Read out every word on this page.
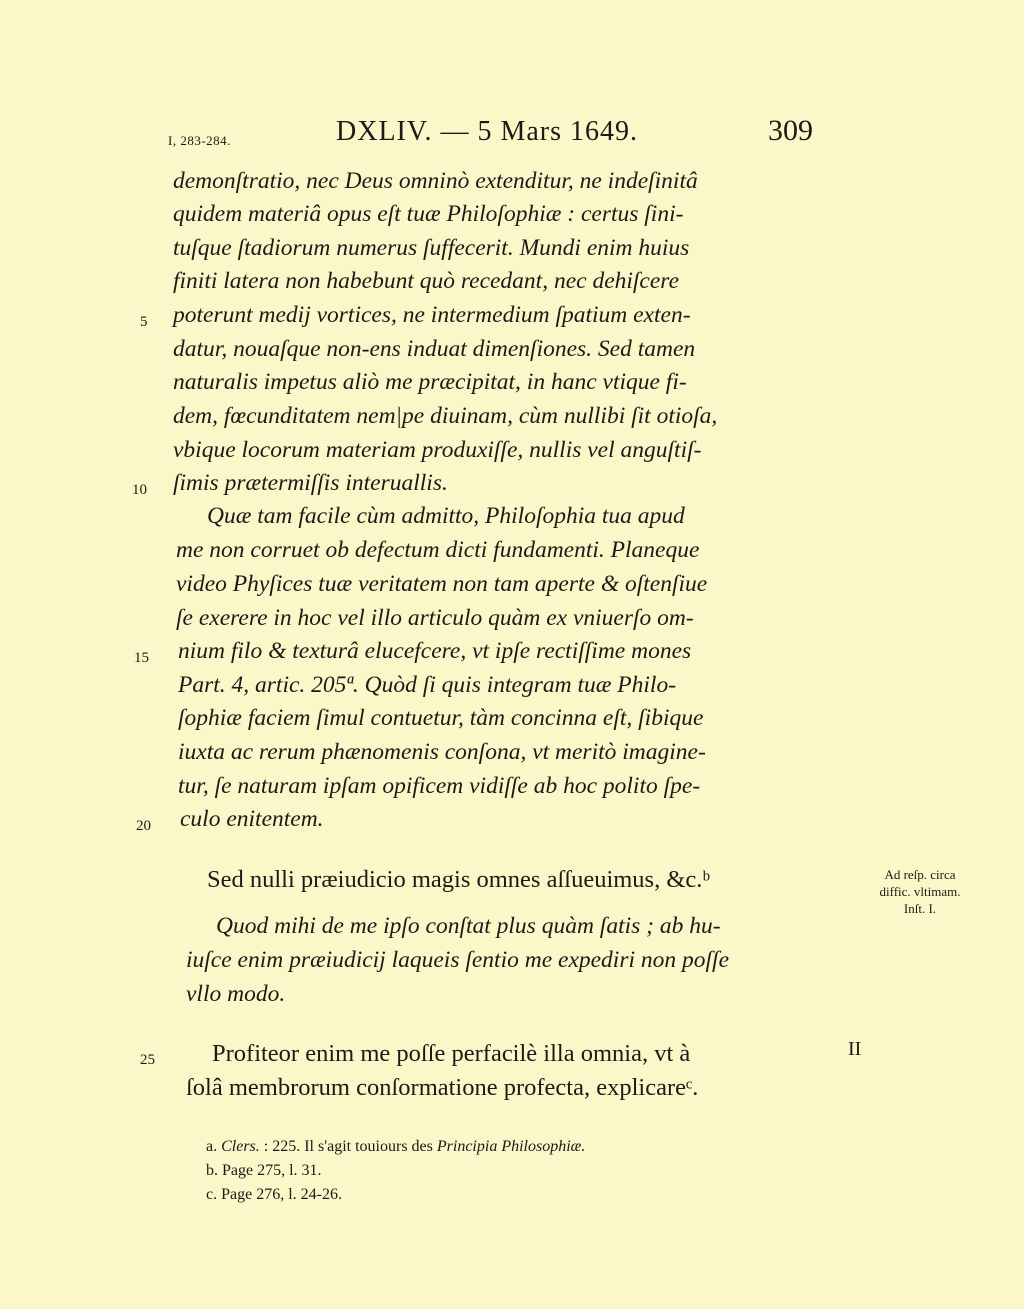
I, 283-284.	DXLIV. — 5 Mars 1649.	309
demonſtratio, nec Deus omninò extenditur, ne indeſinitâ
quidem materiâ opus eſt tuæ Philoſophiæ : certus ſini-
tuſque ſtadiorum numerus ſuffecerit. Mundi enim huius
finiti latera non habebunt quò recedant, nec dehiſcere
poterunt medij vortices, ne intermedium ſpatium exten-
datur, nouaſque non-ens induat dimenſiones. Sed tamen
naturalis impetus aliò me præcipitat, in hanc vtique fi-
dem, fœcunditatem nem|pe diuinam, cùm nullibi ſit otioſa,
vbique locorum materiam produxiſſe, nullis vel anguſtiſ-
ſimis prætermiſſis interuallis.
Quæ tam facile cùm admitto, Philoſophia tua apud
me non corruet ob defectum dicti fundamenti. Planeque
video Phyſices tuæ veritatem non tam aperte & oſtenſiue
ſe exerere in hoc vel illo articulo quàm ex vniuerſo om-
nium filo & texturâ elucefcere, vt ipſe rectiſſime mones
Part. 4, artic. 205ª. Quòd ſi quis integram tuæ Philo-
ſophiæ faciem ſimul contuetur, tàm concinna eſt, ſibique
iuxta ac rerum phænomenis conſona, vt meritò imagine-
tur, ſe naturam ipſam opificem vidiſſe ab hoc polito ſpe-
culo enitentem.
Sed nulli præiudicio magis omnes aſſueuimus, &c.ᵇ
Quod mihi de me ipſo conſtat plus quàm ſatis ; ab hu-
iuſce enim præiudicij laqueis ſentio me expediri non poſſe
vllo modo.
Profiteor enim me poſſe perfacilè illa omnia, vt à
ſolâ membrorum conſormatione profecta, explicareᶜ.
5
10
15
20
25
Ad reſp. circa
diffic. vltimam.
Inſt. I.
II
a. Clers. : 225. Il s'agit touiours des Principia Philosophiæ.
b. Page 275, l. 31.
c. Page 276, l. 24-26.
